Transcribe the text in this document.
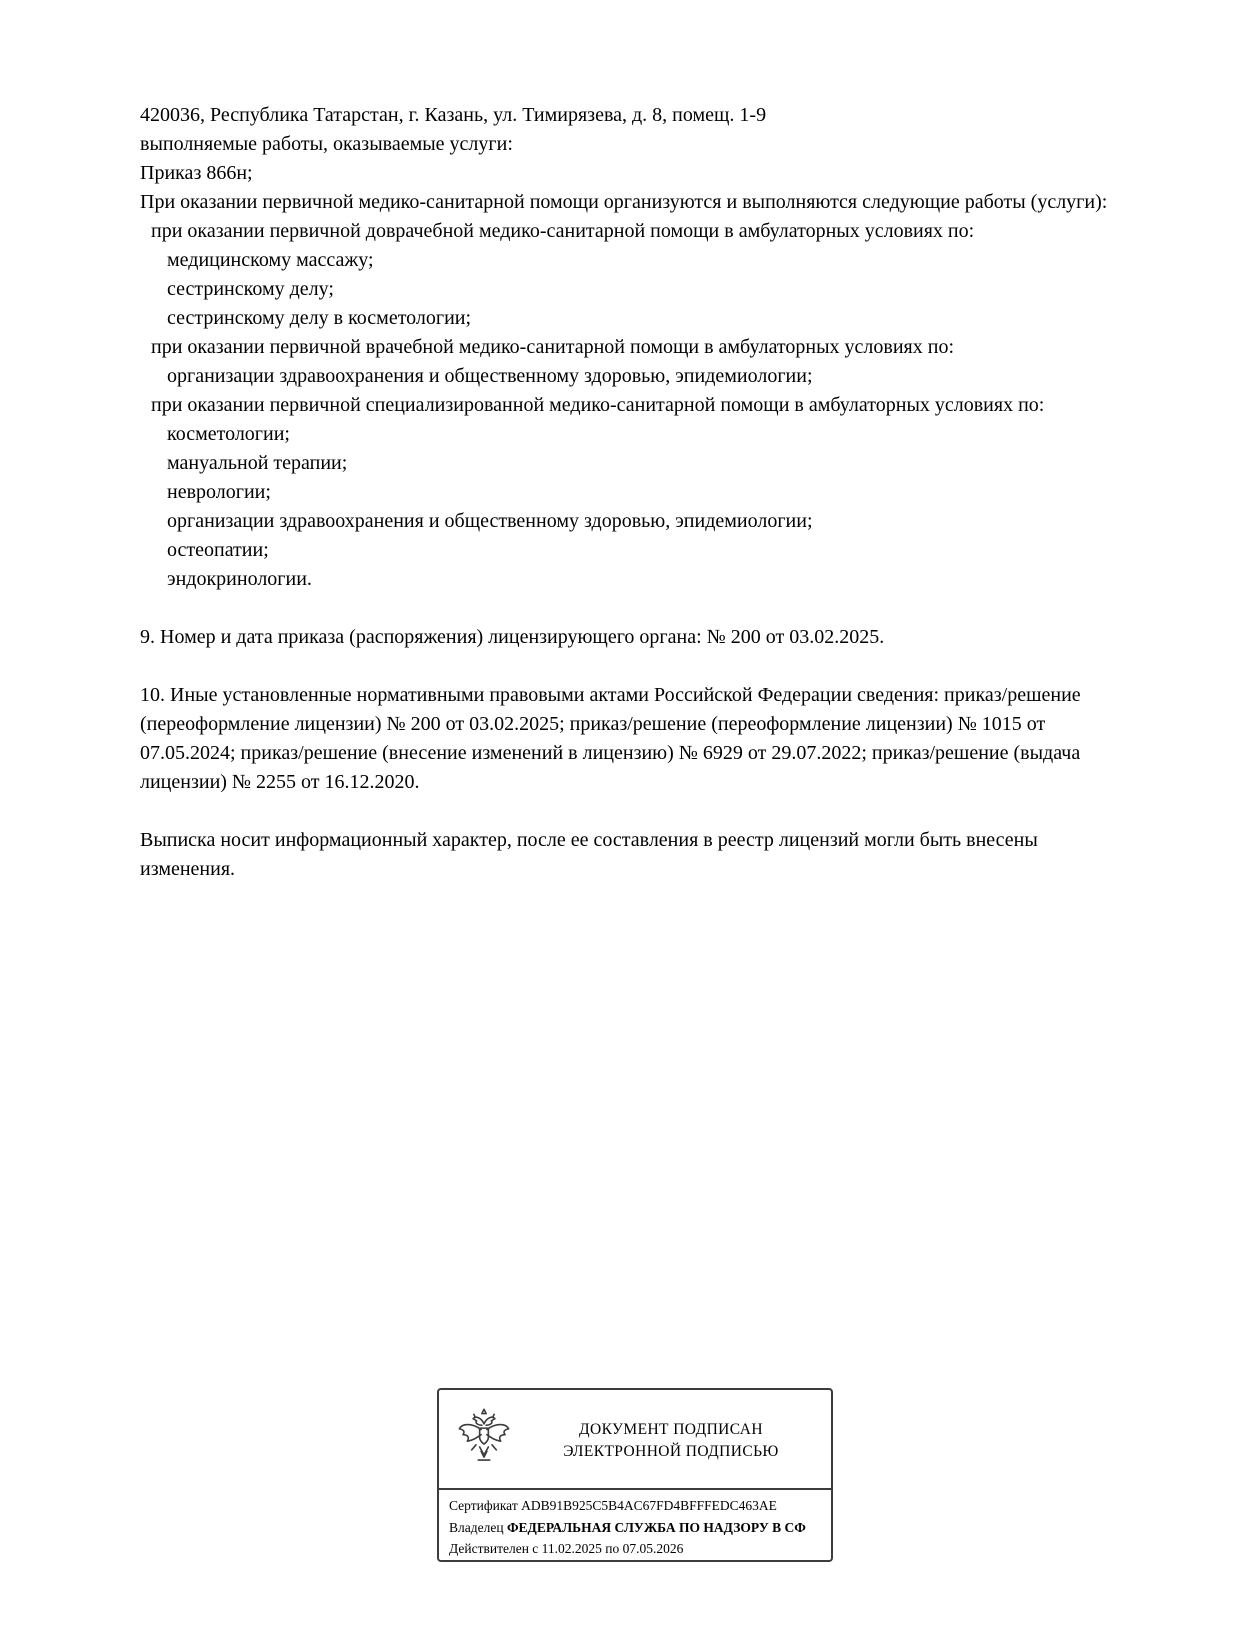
420036, Республика Татарстан, г. Казань, ул. Тимирязева, д. 8, помещ. 1-9

выполняемые работы, оказываемые услуги:

Приказ 866н;

При оказании первичной медико-санитарной помощи организуются и выполняются следующие работы (услуги):

при оказании первичной доврачебной медико-санитарной помощи в амбулаторных условиях по:

медицинскому массажу;

сестринскому делу;

сестринскому делу в косметологии;

при оказании первичной врачебной медико-санитарной помощи в амбулаторных условиях по:

организации здравоохранения и общественному здоровью, эпидемиологии;

при оказании первичной специализированной медико-санитарной помощи в амбулаторных условиях по:

косметологии;

мануальной терапии;

неврологии;

организации здравоохранения и общественному здоровью, эпидемиологии;

остеопатии;

эндокринологии.

9. Номер и дата приказа (распоряжения) лицензирующего органа: № 200 от 03.02.2025.

10. Иные установленные нормативными правовыми актами Российской Федерации сведения: приказ/решение (переоформление лицензии) № 200 от 03.02.2025; приказ/решение (переоформление лицензии) № 1015 от 07.05.2024; приказ/решение (внесение изменений в лицензию) № 6929 от 29.07.2022; приказ/решение (выдача лицензии) № 2255 от 16.12.2020.

Выписка носит информационный характер, после ее составления в реестр лицензий могли быть внесены изменения.

ДОКУМЕНТ ПОДПИСАН
ЭЛЕКТРОННОЙ ПОДПИСЬЮ
Сертификат ADB91B925C5B4AC67FD4BFFFEDC463AE
Владелец ФЕДЕРАЛЬНАЯ СЛУЖБА ПО НАДЗОРУ В СФ
Действителен с 11.02.2025 по 07.05.2026
